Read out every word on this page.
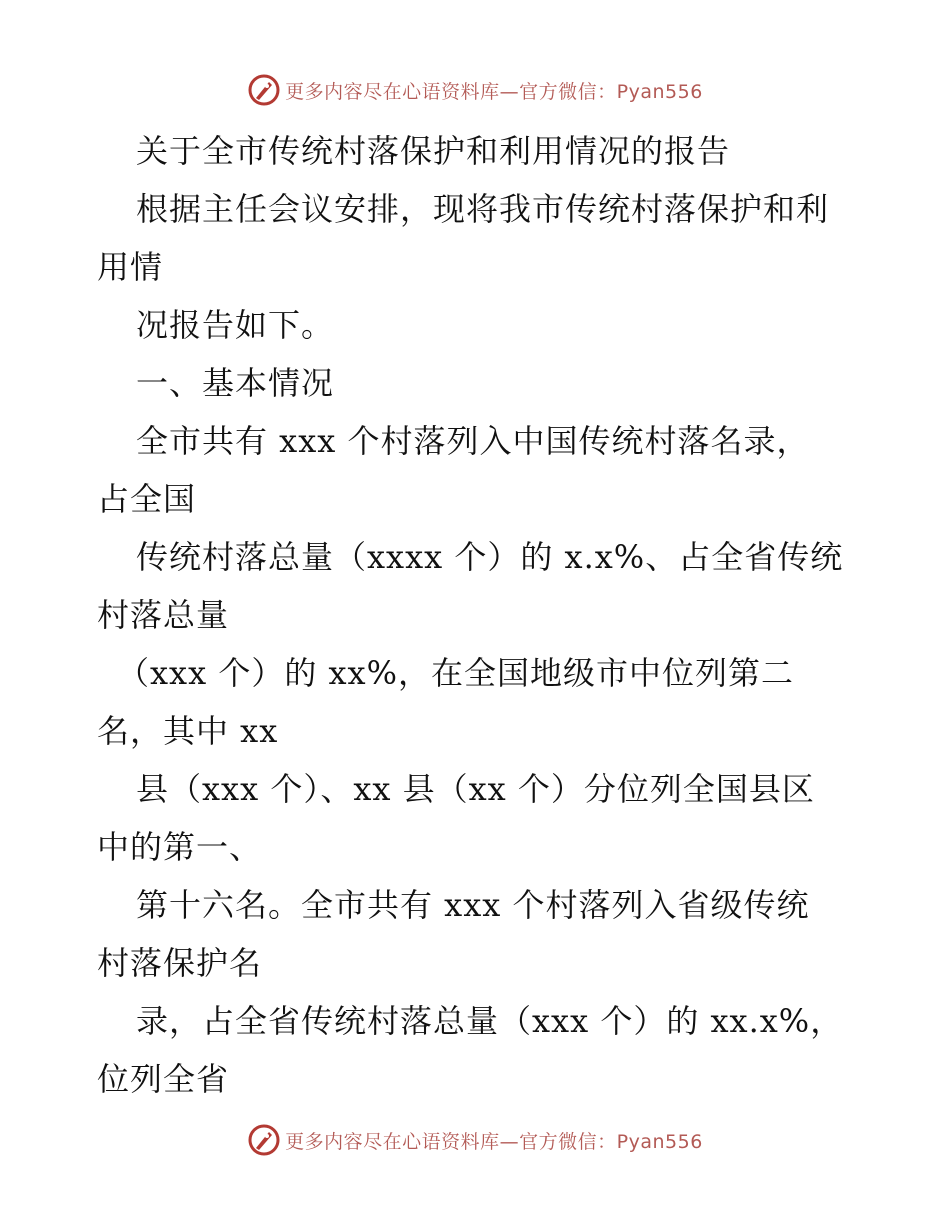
更多内容尽在心语资料库—官方微信：Pyan556
关于全市传统村落保护和利用情况的报告
根据主任会议安排，现将我市传统村落保护和利
用情
况报告如下。
一、基本情况
全市共有 xxx 个村落列入中国传统村落名录，
占全国
传统村落总量（xxxx 个）的 x.x%、占全省传统
村落总量
（xxx 个）的 xx%，在全国地级市中位列第二
名，其中 xx
县（xxx 个）、xx 县（xx 个）分位列全国县区
中的第一、
第十六名。全市共有 xxx 个村落列入省级传统
村落保护名
录，占全省传统村落总量（xxx 个）的 xx.x%，
位列全省
更多内容尽在心语资料库—官方微信：Pyan556
